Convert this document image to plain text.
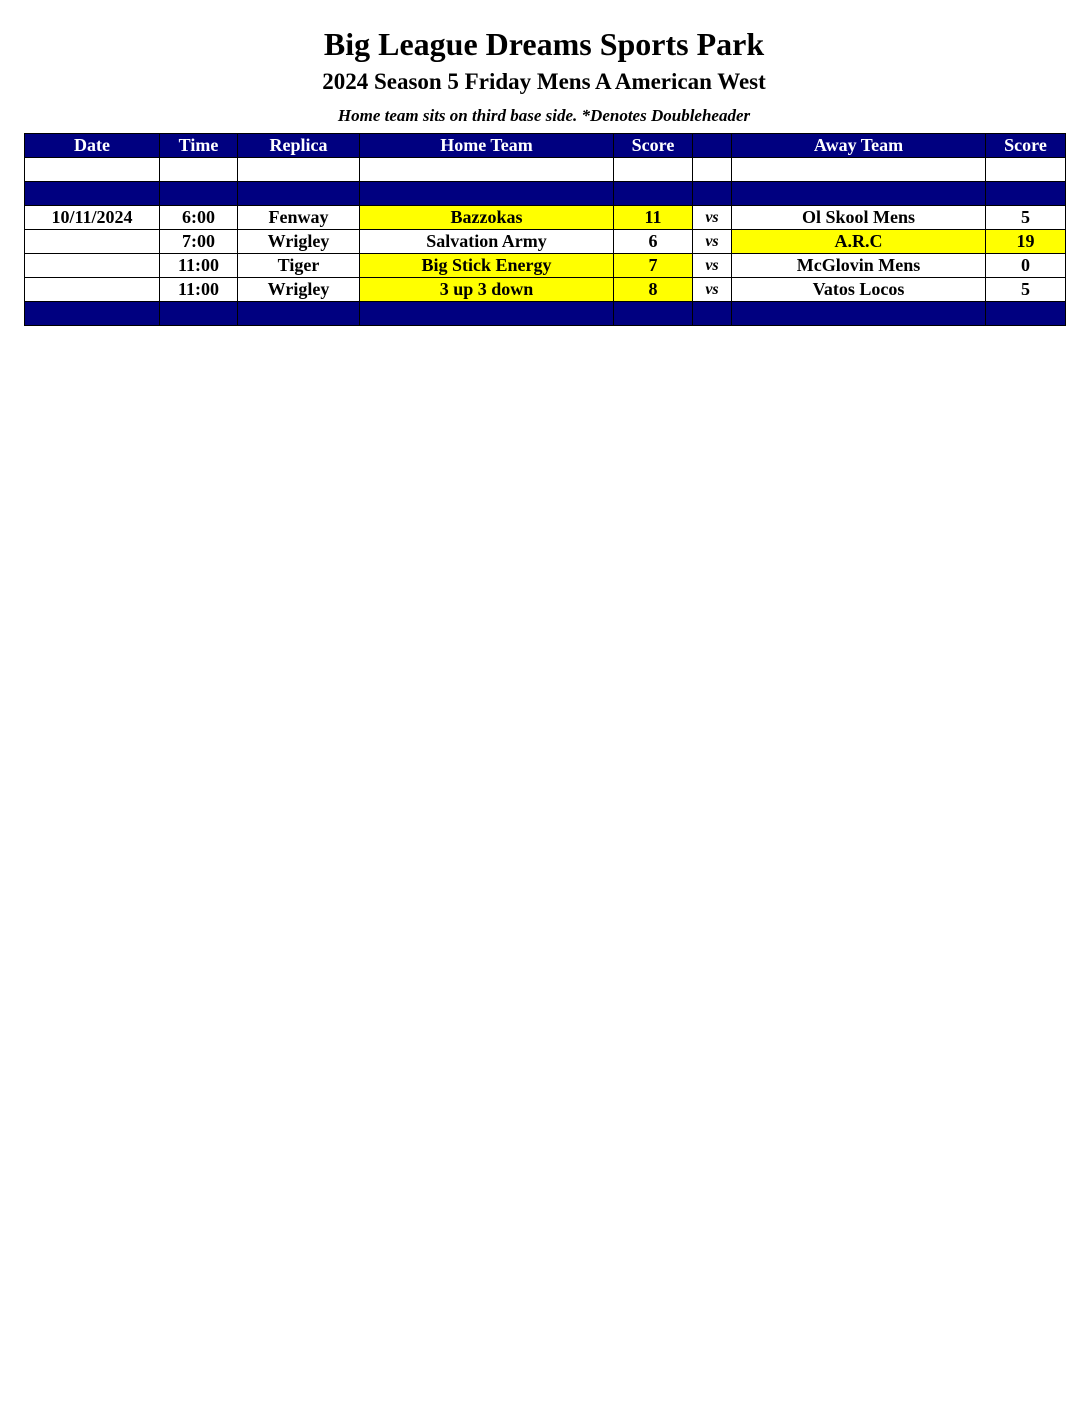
Big League Dreams Sports Park
2024 Season 5 Friday Mens A American West
Home team sits on third base side. *Denotes Doubleheader
Date	Time	Replica	Home Team	Score		Away Team	Score

10/11/2024	6:00	Fenway	Bazzokas	11	vs	Ol Skool Mens	5
	7:00	Wrigley	Salvation Army	6	vs	A.R.C	19
	11:00	Tiger	Big Stick Energy	7	vs	McGlovin Mens	0
	11:00	Wrigley	3 up 3 down	8	vs	Vatos Locos	5
